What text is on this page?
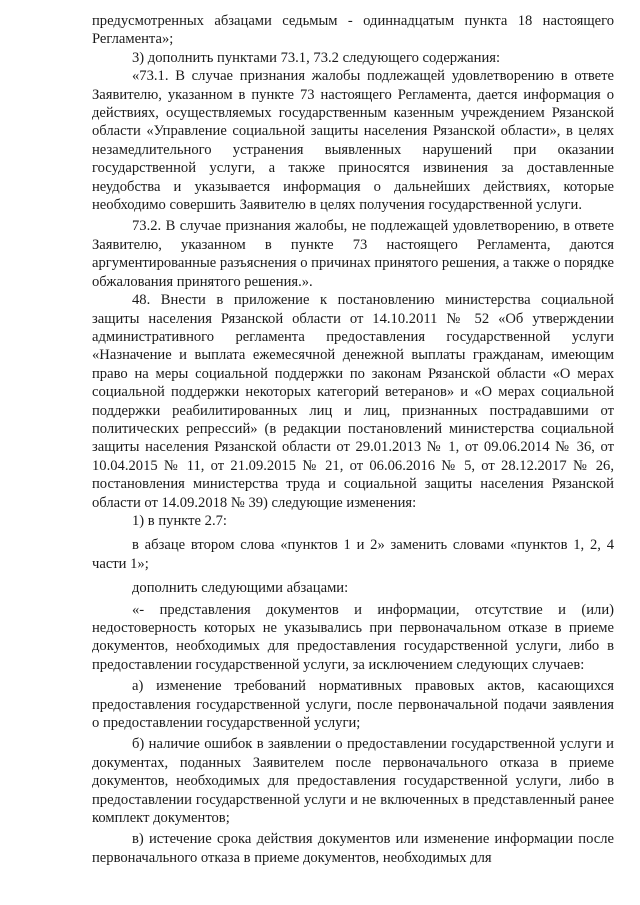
предусмотренных абзацами седьмым - одиннадцатым пункта 18 настоящего Регламента»;

3) дополнить пунктами 73.1, 73.2 следующего содержания:

«73.1. В случае признания жалобы подлежащей удовлетворению в ответе Заявителю, указанном в пункте 73 настоящего Регламента, дается информация о действиях, осуществляемых государственным казенным учреждением Рязанской области «Управление социальной защиты населения Рязанской области», в целях незамедлительного устранения выявленных нарушений при оказании государственной услуги, а также приносятся извинения за доставленные неудобства и указывается информация о дальнейших действиях, которые необходимо совершить Заявителю в целях получения государственной услуги.

73.2. В случае признания жалобы, не подлежащей удовлетворению, в ответе Заявителю, указанном в пункте 73 настоящего Регламента, даются аргументированные разъяснения о причинах принятого решения, а также о порядке обжалования принятого решения.».

48. Внести в приложение к постановлению министерства социальной защиты населения Рязанской области от 14.10.2011 № 52 «Об утверждении административного регламента предоставления государственной услуги «Назначение и выплата ежемесячной денежной выплаты гражданам, имеющим право на меры социальной поддержки по законам Рязанской области «О мерах социальной поддержки некоторых категорий ветеранов» и «О мерах социальной поддержки реабилитированных лиц и лиц, признанных пострадавшими от политических репрессий» (в редакции постановлений министерства социальной защиты населения Рязанской области от 29.01.2013 № 1, от 09.06.2014 № 36, от 10.04.2015 № 11, от 21.09.2015 № 21, от 06.06.2016 № 5, от 28.12.2017 № 26, постановления министерства труда и социальной защиты населения Рязанской области от 14.09.2018 № 39) следующие изменения:

1) в пункте 2.7:

в абзаце втором слова «пунктов 1 и 2» заменить словами «пунктов 1, 2, 4 части 1»;

дополнить следующими абзацами:

«- представления документов и информации, отсутствие и (или) недостоверность которых не указывались при первоначальном отказе в приеме документов, необходимых для предоставления государственной услуги, либо в предоставлении государственной услуги, за исключением следующих случаев:

а) изменение требований нормативных правовых актов, касающихся предоставления государственной услуги, после первоначальной подачи заявления о предоставлении государственной услуги;

б) наличие ошибок в заявлении о предоставлении государственной услуги и документах, поданных Заявителем после первоначального отказа в приеме документов, необходимых для предоставления государственной услуги, либо в предоставлении государственной услуги и не включенных в представленный ранее комплект документов;

в) истечение срока действия документов или изменение информации после первоначального отказа в приеме документов, необходимых для
